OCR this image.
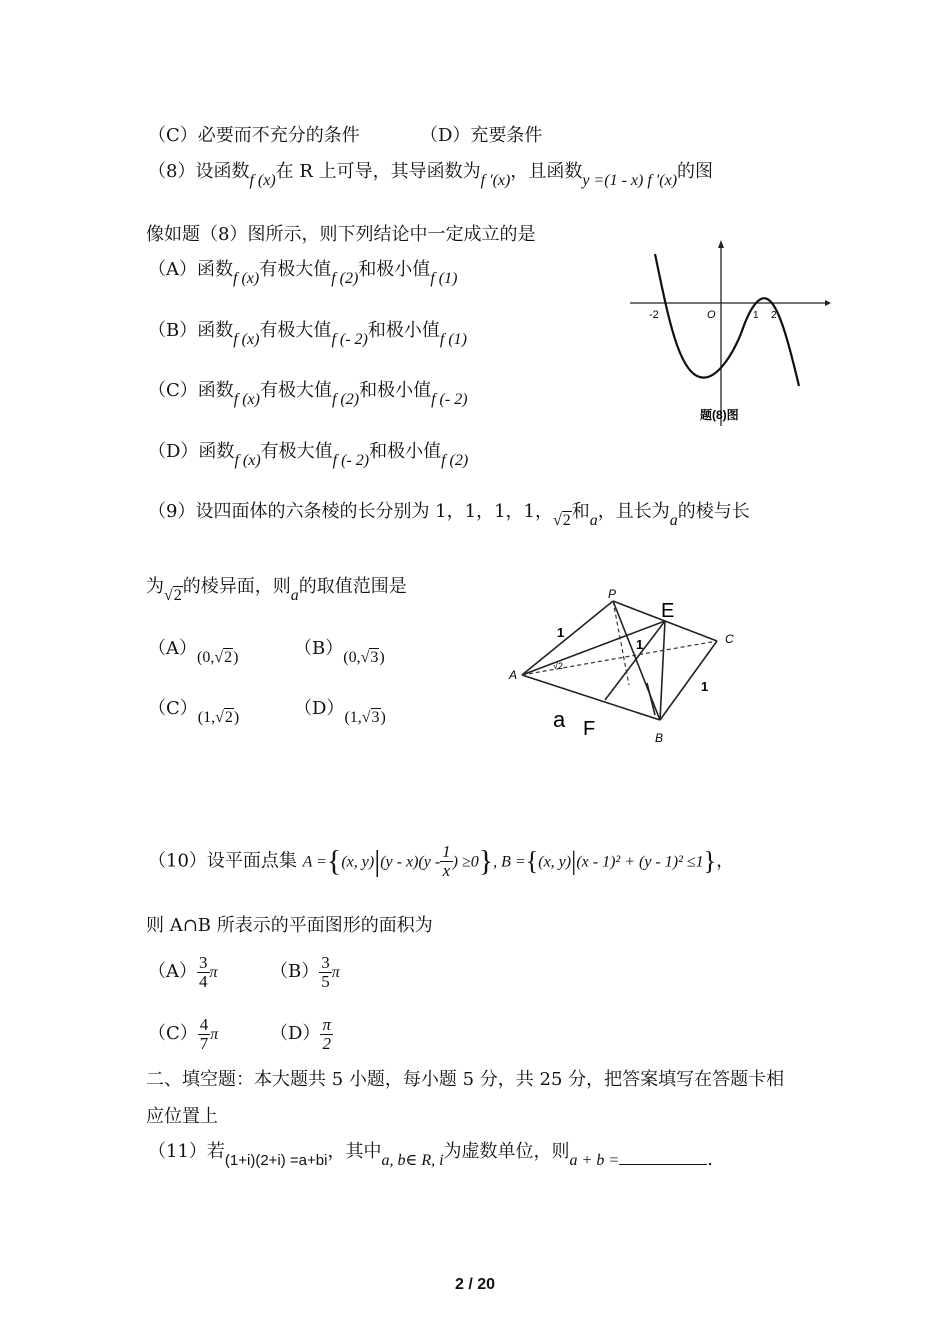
（C）必要而不充分的条件	（D）充要条件
（8）设函数f (x)在 R 上可导，其导函数为f ′(x)，且函数y =(1 - x) f ′(x)的图
像如题（8）图所示，则下列结论中一定成立的是
（A）函数f (x)有极大值f (2)和极小值f (1)
（B）函数f (x)有极大值f (- 2)和极小值f (1)
（C）函数f (x)有极大值f (2)和极小值f (- 2)
（D）函数f (x)有极大值f (- 2)和极小值f (2)
-2	O	1 2
题(8)图
（9）设四面体的六条棱的长分别为 1，1，1，1，√2和a，且长为a的棱与长
为√2的棱异面，则a的取值范围是
（A）(0,√2)	（B）(0,√3)
（C）(1,√2)	（D）(1,√3)
P
E
C
A
B
a F
1
1
1
√2
（10）设平面点集 A ={(x, $y)|(y - x)(y - \frac{1}{x}$ ) ≥0}, B ={(x, y)|(x - 1)² + (y - 1)² ≤1}，
则 A∩B 所表示的平面图形的面积为
$(A) \frac{3}{4}$ π	$(B) \frac{3}{5}$ π
$(C) \frac{4}{7}$ π	$(D) \frac{\pi}{2}$
二、填空题：本大题共 5 小题，每小题 5 分，共 25 分，把答案填写在答题卡相
应位置上
（11）若$_{(1+i)(2+i) =a+bi}$，其中a, b∈ R, i为虚数单位，则a + b =	.
2 / 20
